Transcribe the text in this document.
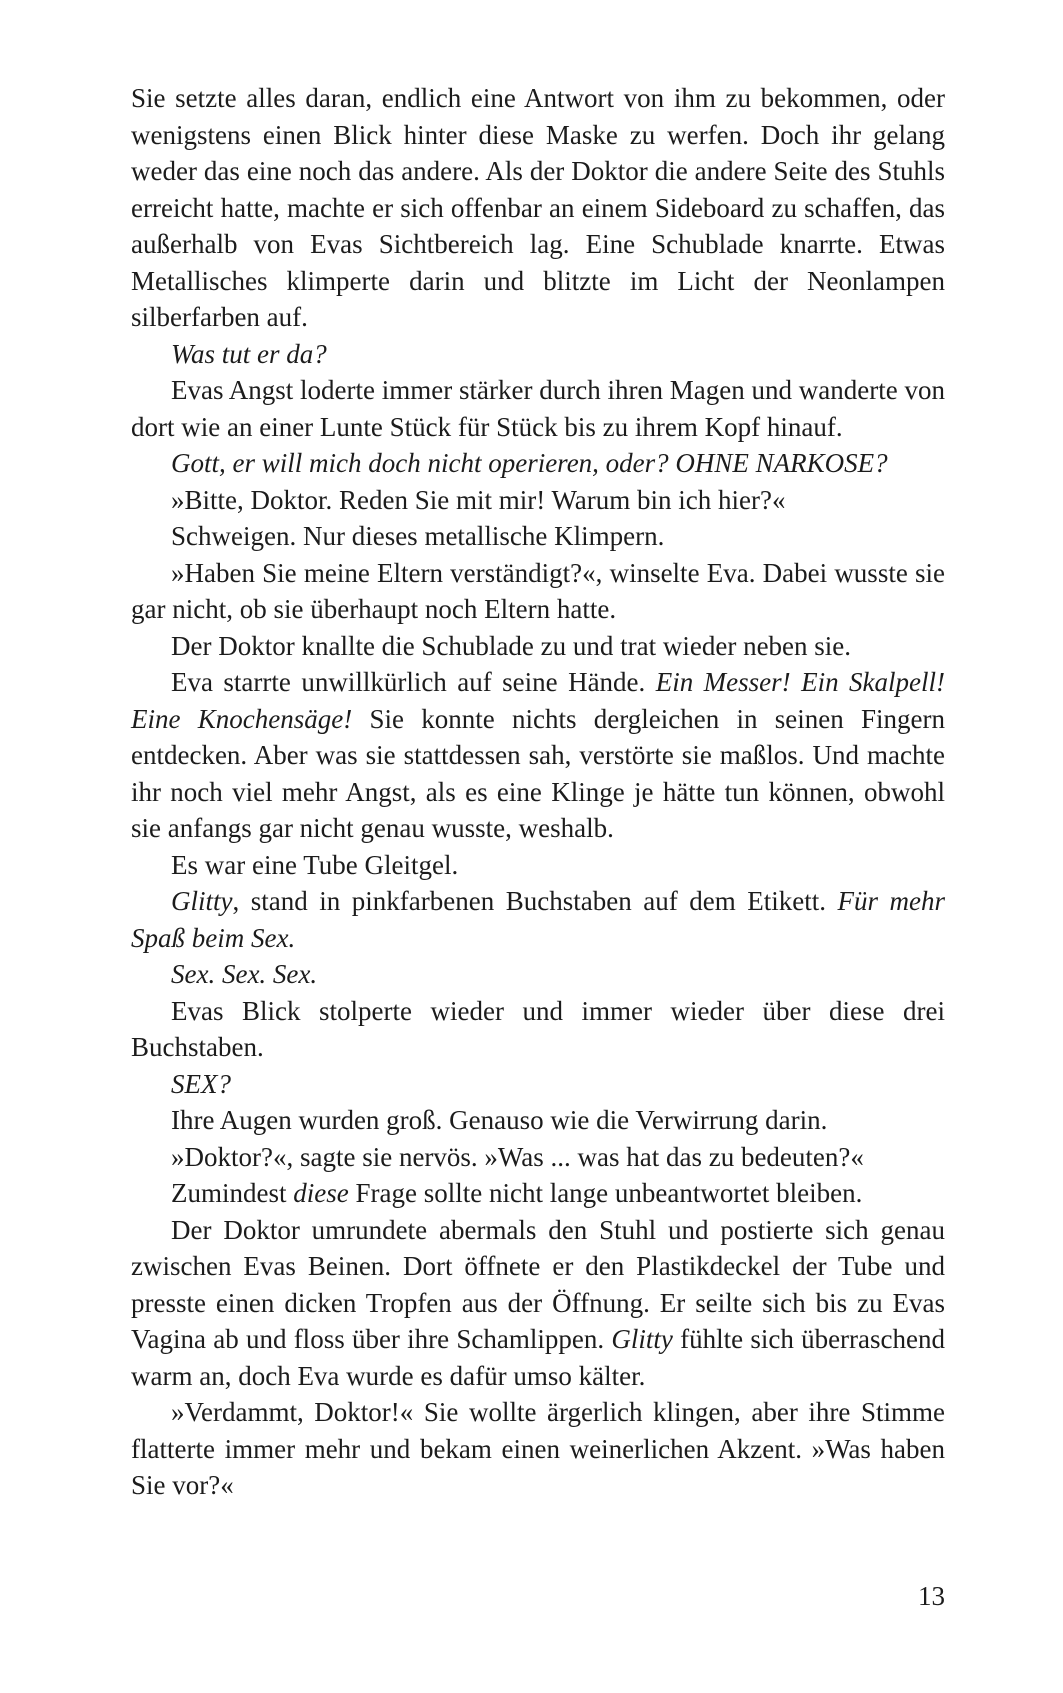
Sie setzte alles daran, endlich eine Antwort von ihm zu bekommen, oder wenigstens einen Blick hinter diese Maske zu werfen. Doch ihr gelang weder das eine noch das andere. Als der Doktor die andere Seite des Stuhls erreicht hatte, machte er sich offenbar an einem Sideboard zu schaffen, das außerhalb von Evas Sichtbereich lag. Eine Schublade knarrte. Etwas Metallisches klimperte darin und blitzte im Licht der Neonlampen silberfarben auf.

Was tut er da?

Evas Angst loderte immer stärker durch ihren Magen und wanderte von dort wie an einer Lunte Stück für Stück bis zu ihrem Kopf hinauf.

Gott, er will mich doch nicht operieren, oder? OHNE NARKOSE?

»Bitte, Doktor. Reden Sie mit mir! Warum bin ich hier?«

Schweigen. Nur dieses metallische Klimpern.

»Haben Sie meine Eltern verständigt?«, winselte Eva. Dabei wusste sie gar nicht, ob sie überhaupt noch Eltern hatte.

Der Doktor knallte die Schublade zu und trat wieder neben sie.

Eva starrte unwillkürlich auf seine Hände. Ein Messer! Ein Skalpell! Eine Knochensäge! Sie konnte nichts dergleichen in seinen Fingern entdecken. Aber was sie stattdessen sah, verstörte sie maßlos. Und machte ihr noch viel mehr Angst, als es eine Klinge je hätte tun können, obwohl sie anfangs gar nicht genau wusste, weshalb.

Es war eine Tube Gleitgel.

Glitty, stand in pinkfarbenen Buchstaben auf dem Etikett. Für mehr Spaß beim Sex.

Sex. Sex. Sex.

Evas Blick stolperte wieder und immer wieder über diese drei Buchstaben.

SEX?

Ihre Augen wurden groß. Genauso wie die Verwirrung darin.

»Doktor?«, sagte sie nervös. »Was ... was hat das zu bedeuten?«

Zumindest diese Frage sollte nicht lange unbeantwortet bleiben.

Der Doktor umrundete abermals den Stuhl und postierte sich genau zwischen Evas Beinen. Dort öffnete er den Plastikdeckel der Tube und presste einen dicken Tropfen aus der Öffnung. Er seilte sich bis zu Evas Vagina ab und floss über ihre Schamlippen. Glitty fühlte sich überraschend warm an, doch Eva wurde es dafür umso kälter.

»Verdammt, Doktor!« Sie wollte ärgerlich klingen, aber ihre Stimme flatterte immer mehr und bekam einen weinerlichen Akzent. »Was haben Sie vor?«

13
